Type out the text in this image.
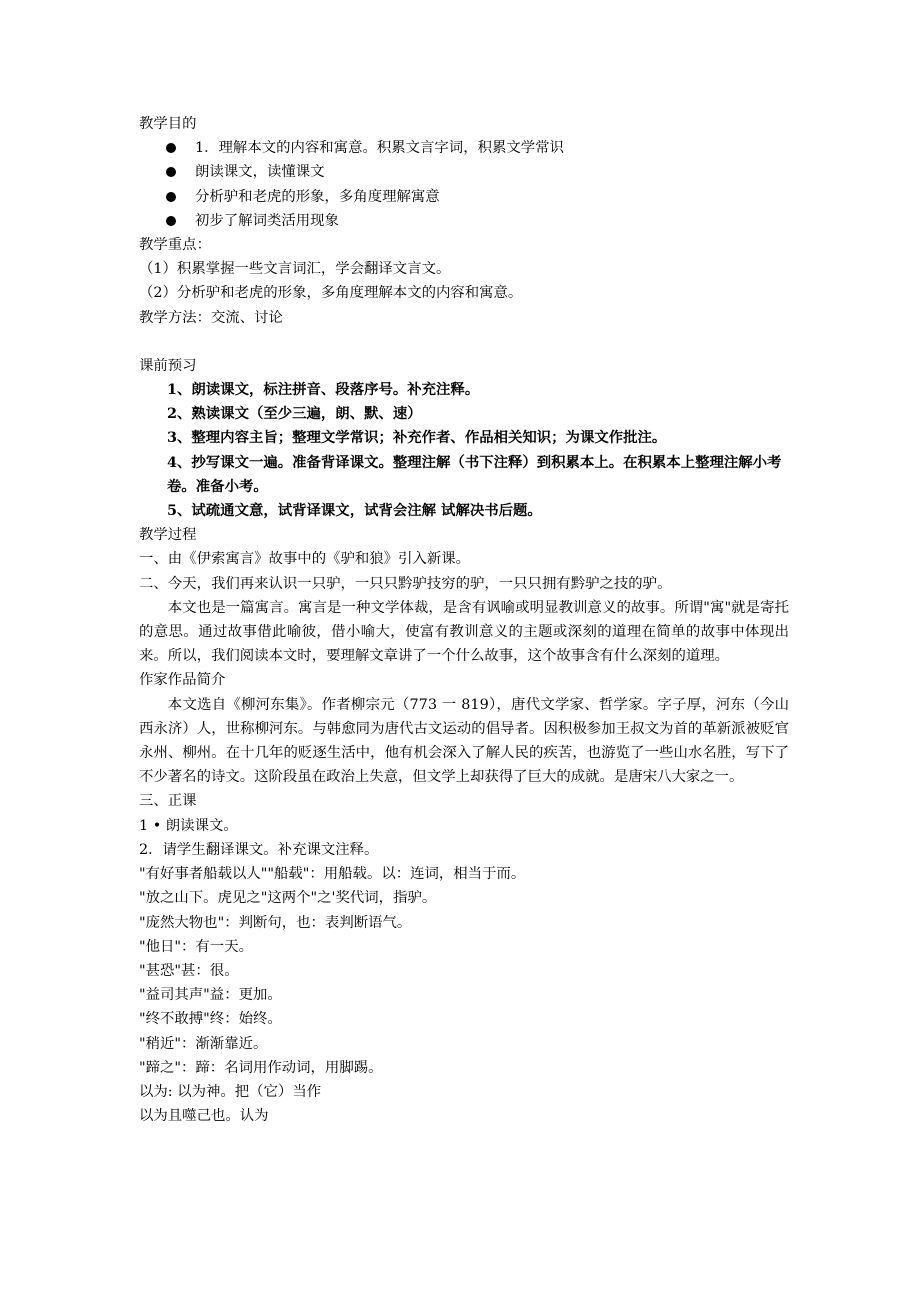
教学目的
1．理解本文的内容和寓意。积累文言字词，积累文学常识
朗读课文，读懂课文
分析驴和老虎的形象，多角度理解寓意
初步了解词类活用现象
教学重点：
（1）积累掌握一些文言词汇，学会翻译文言文。
（2）分析驴和老虎的形象，多角度理解本文的内容和寓意。
教学方法：交流、讨论
课前预习
1、朗读课文，标注拼音、段落序号。补充注释。
2、熟读课文（至少三遍，朗、默、速）
3、整理内容主旨；整理文学常识；补充作者、作品相关知识；为课文作批注。
4、抄写课文一遍。准备背译课文。整理注解（书下注释）到积累本上。在积累本上整理注解小考卷。准备小考。
5、试疏通文意，试背译课文，试背会注解 试解决书后题。
教学过程
一、由《伊索寓言》故事中的《驴和狼》引入新课。
二、今天，我们再来认识一只驴，一只只黔驴技穷的驴，一只只拥有黔驴之技的驴。
本文也是一篇寓言。寓言是一种文学体裁，是含有讽喻或明显教训意义的故事。所谓"寓"就是寄托的意思。通过故事借此喻彼，借小喻大，使富有教训意义的主题或深刻的道理在简单的故事中体现出来。所以，我们阅读本文时，要理解文章讲了一个什么故事，这个故事含有什么深刻的道理。
作家作品简介
本文选自《柳河东集》。作者柳宗元（773 一 819），唐代文学家、哲学家。字子厚，河东（今山西永济）人，世称柳河东。与韩愈同为唐代古文运动的倡导者。因积极参加王叔文为首的革新派被贬官永州、柳州。在十几年的贬逐生活中，他有机会深入了解人民的疾苦，也游览了一些山水名胜，写下了不少著名的诗文。这阶段虽在政治上失意，但文学上却获得了巨大的成就。是唐宋八大家之一。
三、正课
1 • 朗读课文。
2．请学生翻译课文。补充课文注释。
"有好事者船载以人""船载"：用船载。以：连词，相当于而。
"放之山下。虎见之"这两个"之'奖代词，指驴。
"庞然大物也"：判断句，也：表判断语气。
"他日"：有一天。
"甚恐"甚：很。
"益司其声"益：更加。
"终不敢搏"终：始终。
"稍近"：渐渐靠近。
"蹄之"：蹄：名词用作动词，用脚踢。
以为: 以为神。把（它）当作
以为且噬己也。认为
